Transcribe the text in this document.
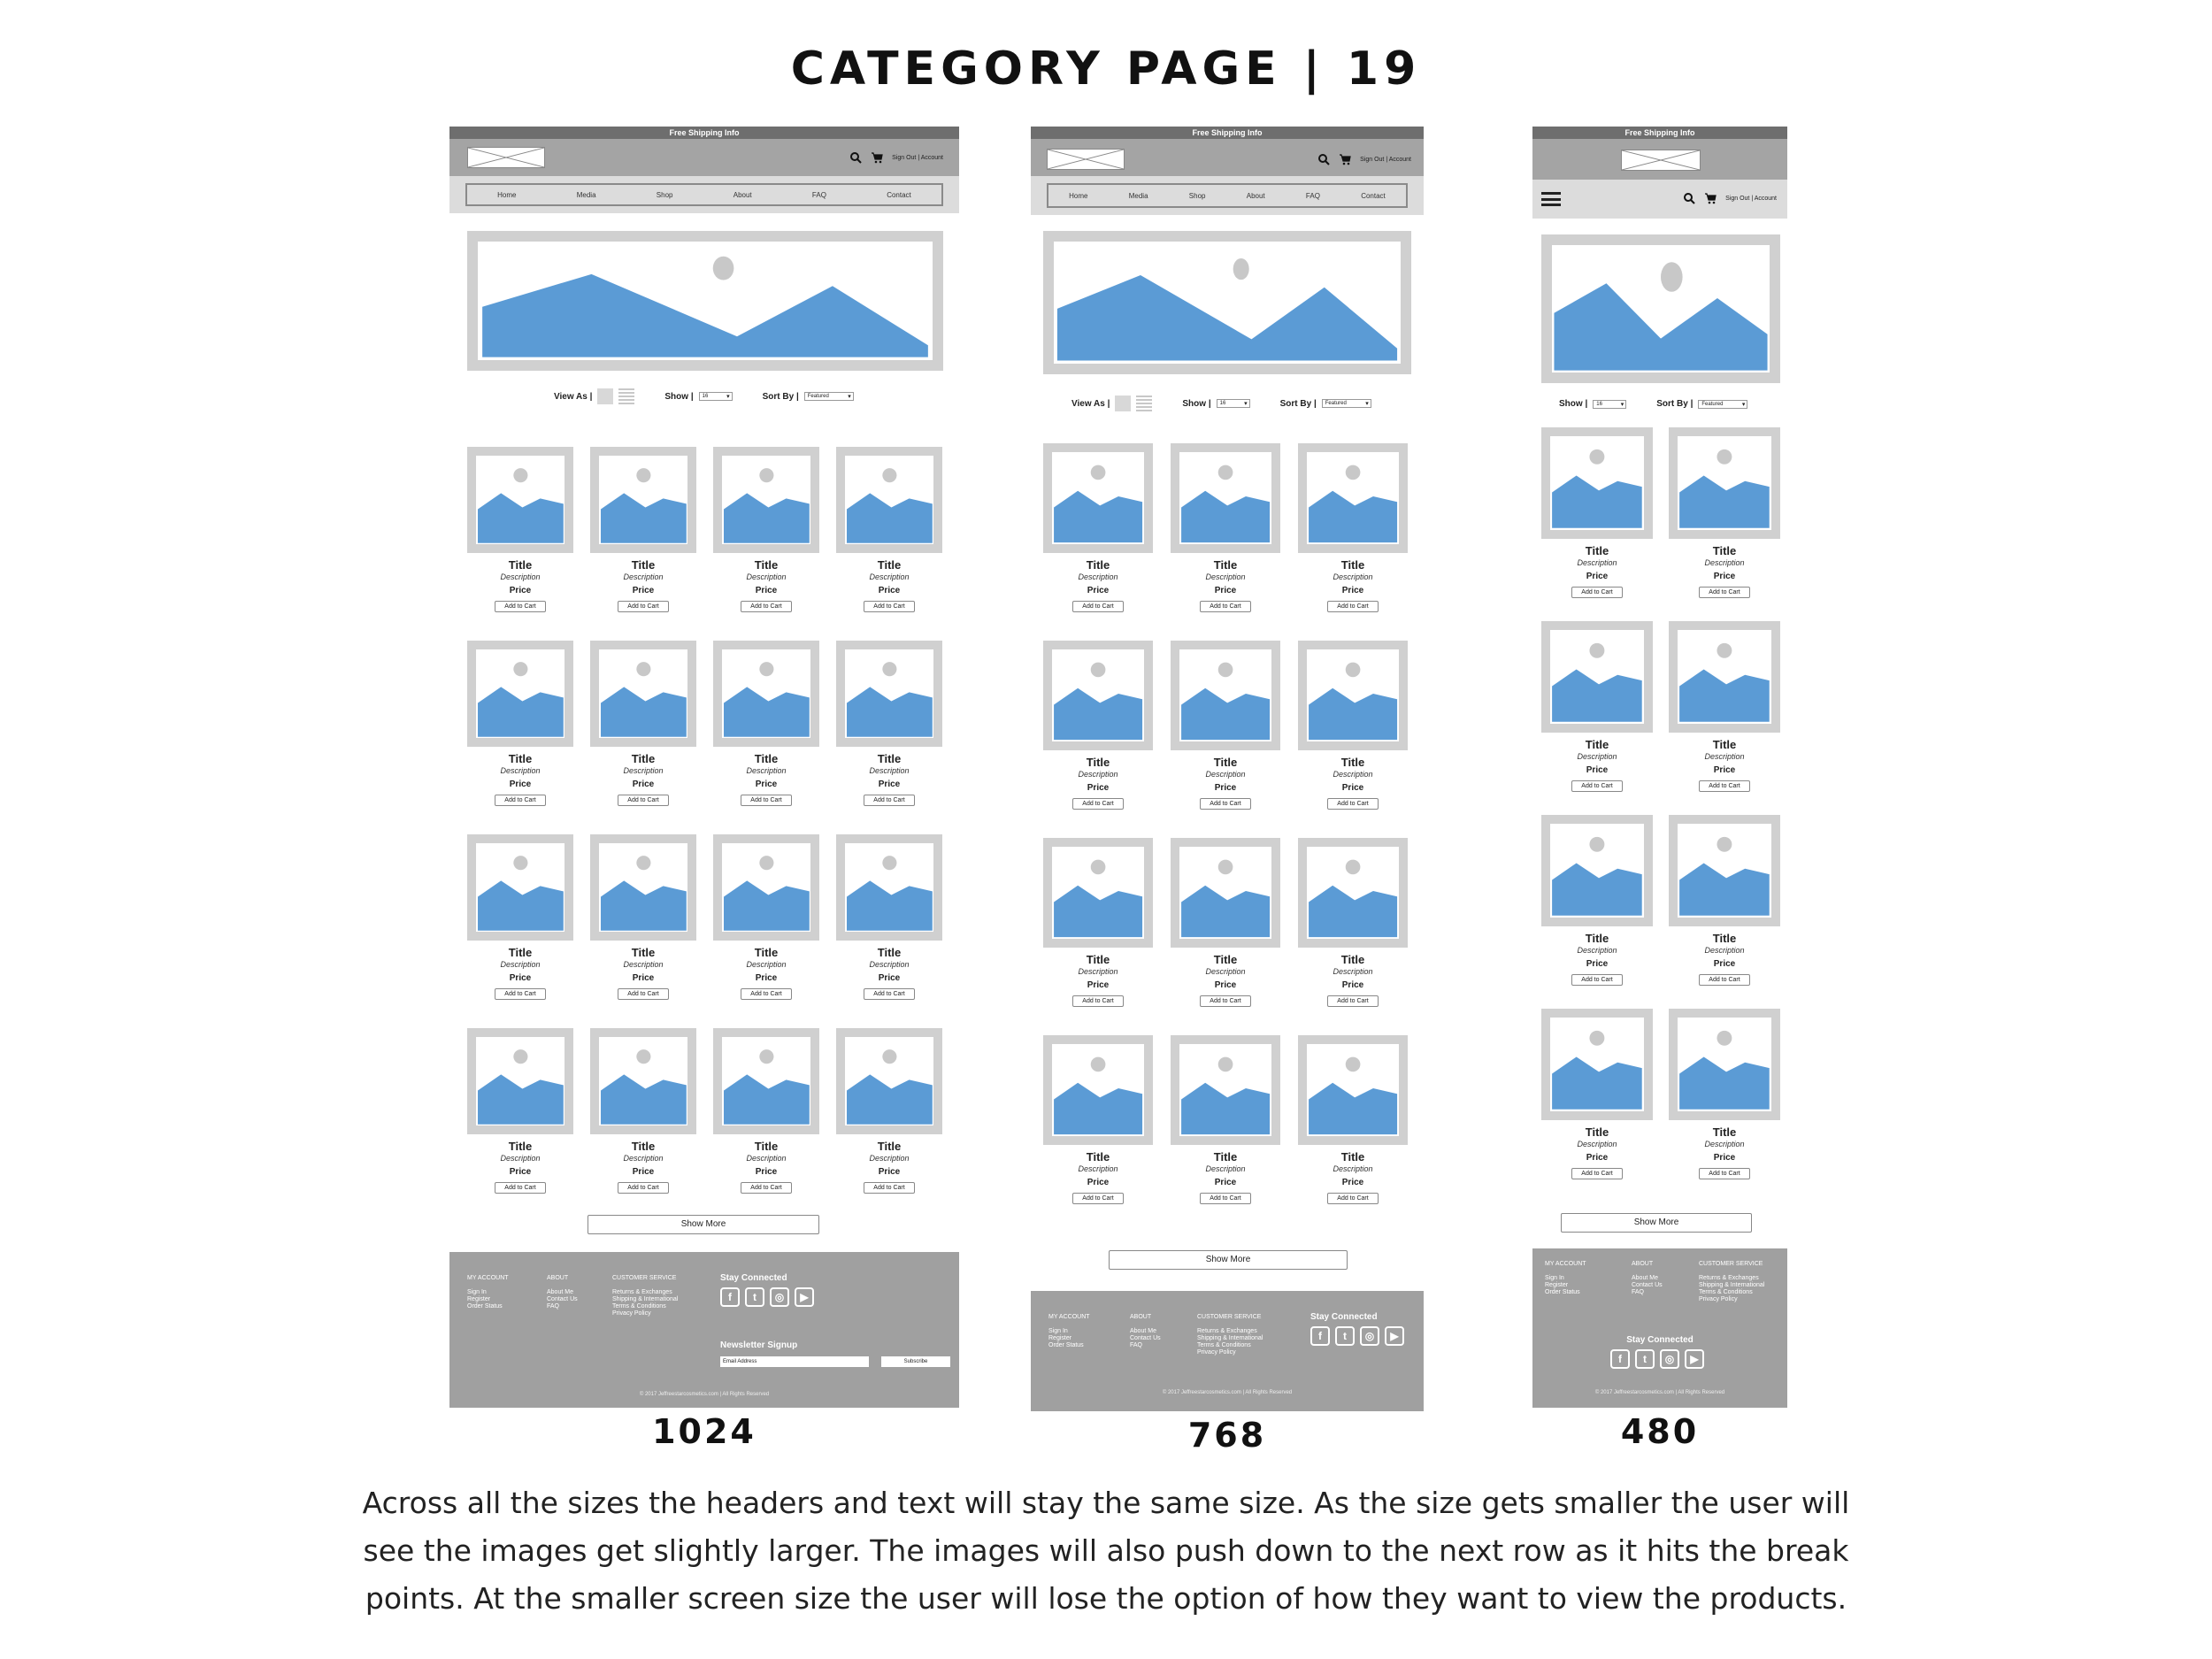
CATEGORY PAGE | 19
Free Shipping Info
Sign Out | Account
Home	Media	Shop	About	FAQ	Contact
View As |	Show |	16 ▾	Sort By |	Featured ▾
Title
Description
Price
Add to Cart
Title
Description
Price
Add to Cart
Title
Description
Price
Add to Cart
Title
Description
Price
Add to Cart
Title
Description
Price
Add to Cart
Title
Description
Price
Add to Cart
Title
Description
Price
Add to Cart
Title
Description
Price
Add to Cart
Title
Description
Price
Add to Cart
Title
Description
Price
Add to Cart
Title
Description
Price
Add to Cart
Title
Description
Price
Add to Cart
Title
Description
Price
Add to Cart
Title
Description
Price
Add to Cart
Title
Description
Price
Add to Cart
Title
Description
Price
Add to Cart
Show More
MY ACCOUNT
Sign In
Register
Order Status
ABOUT
About Me
Contact Us
FAQ
CUSTOMER SERVICE
Returns & Exchanges
Shipping & International
Terms & Conditions
Privacy Policy
Stay Connected
f	t	◎	▶
Newsletter Signup
Email Address	Subscribe
© 2017 Jeffreestarcosmetics.com | All Rights Reserved
1024
Free Shipping Info
Sign Out | Account
Home	Media	Shop	About	FAQ	Contact
View As |	Show |	16 ▾	Sort By |	Featured ▾
Title
Description
Price
Add to Cart
Title
Description
Price
Add to Cart
Title
Description
Price
Add to Cart
Title
Description
Price
Add to Cart
Title
Description
Price
Add to Cart
Title
Description
Price
Add to Cart
Title
Description
Price
Add to Cart
Title
Description
Price
Add to Cart
Title
Description
Price
Add to Cart
Title
Description
Price
Add to Cart
Title
Description
Price
Add to Cart
Title
Description
Price
Add to Cart
Show More
MY ACCOUNT
Sign In
Register
Order Status
ABOUT
About Me
Contact Us
FAQ
CUSTOMER SERVICE
Returns & Exchanges
Shipping & International
Terms & Conditions
Privacy Policy
Stay Connected
f	t	◎	▶
© 2017 Jeffreestarcosmetics.com | All Rights Reserved
768
Free Shipping Info
Sign Out | Account
Show |	16 ▾	Sort By |	Featured ▾
Title
Description
Price
Add to Cart
Title
Description
Price
Add to Cart
Title
Description
Price
Add to Cart
Title
Description
Price
Add to Cart
Title
Description
Price
Add to Cart
Title
Description
Price
Add to Cart
Title
Description
Price
Add to Cart
Title
Description
Price
Add to Cart
Show More
MY ACCOUNT
Sign In
Register
Order Status
ABOUT
About Me
Contact Us
FAQ
CUSTOMER SERVICE
Returns & Exchanges
Shipping & International
Terms & Conditions
Privacy Policy
Stay Connected
f	t	◎	▶
© 2017 Jeffreestarcosmetics.com | All Rights Reserved
480
Across all the sizes the headers and text will stay the same size. As the size gets smaller the user will see the images get slightly larger. The images will also push down to the next row as it hits the break points. At the smaller screen size the user will lose the option of how they want to view the products.
